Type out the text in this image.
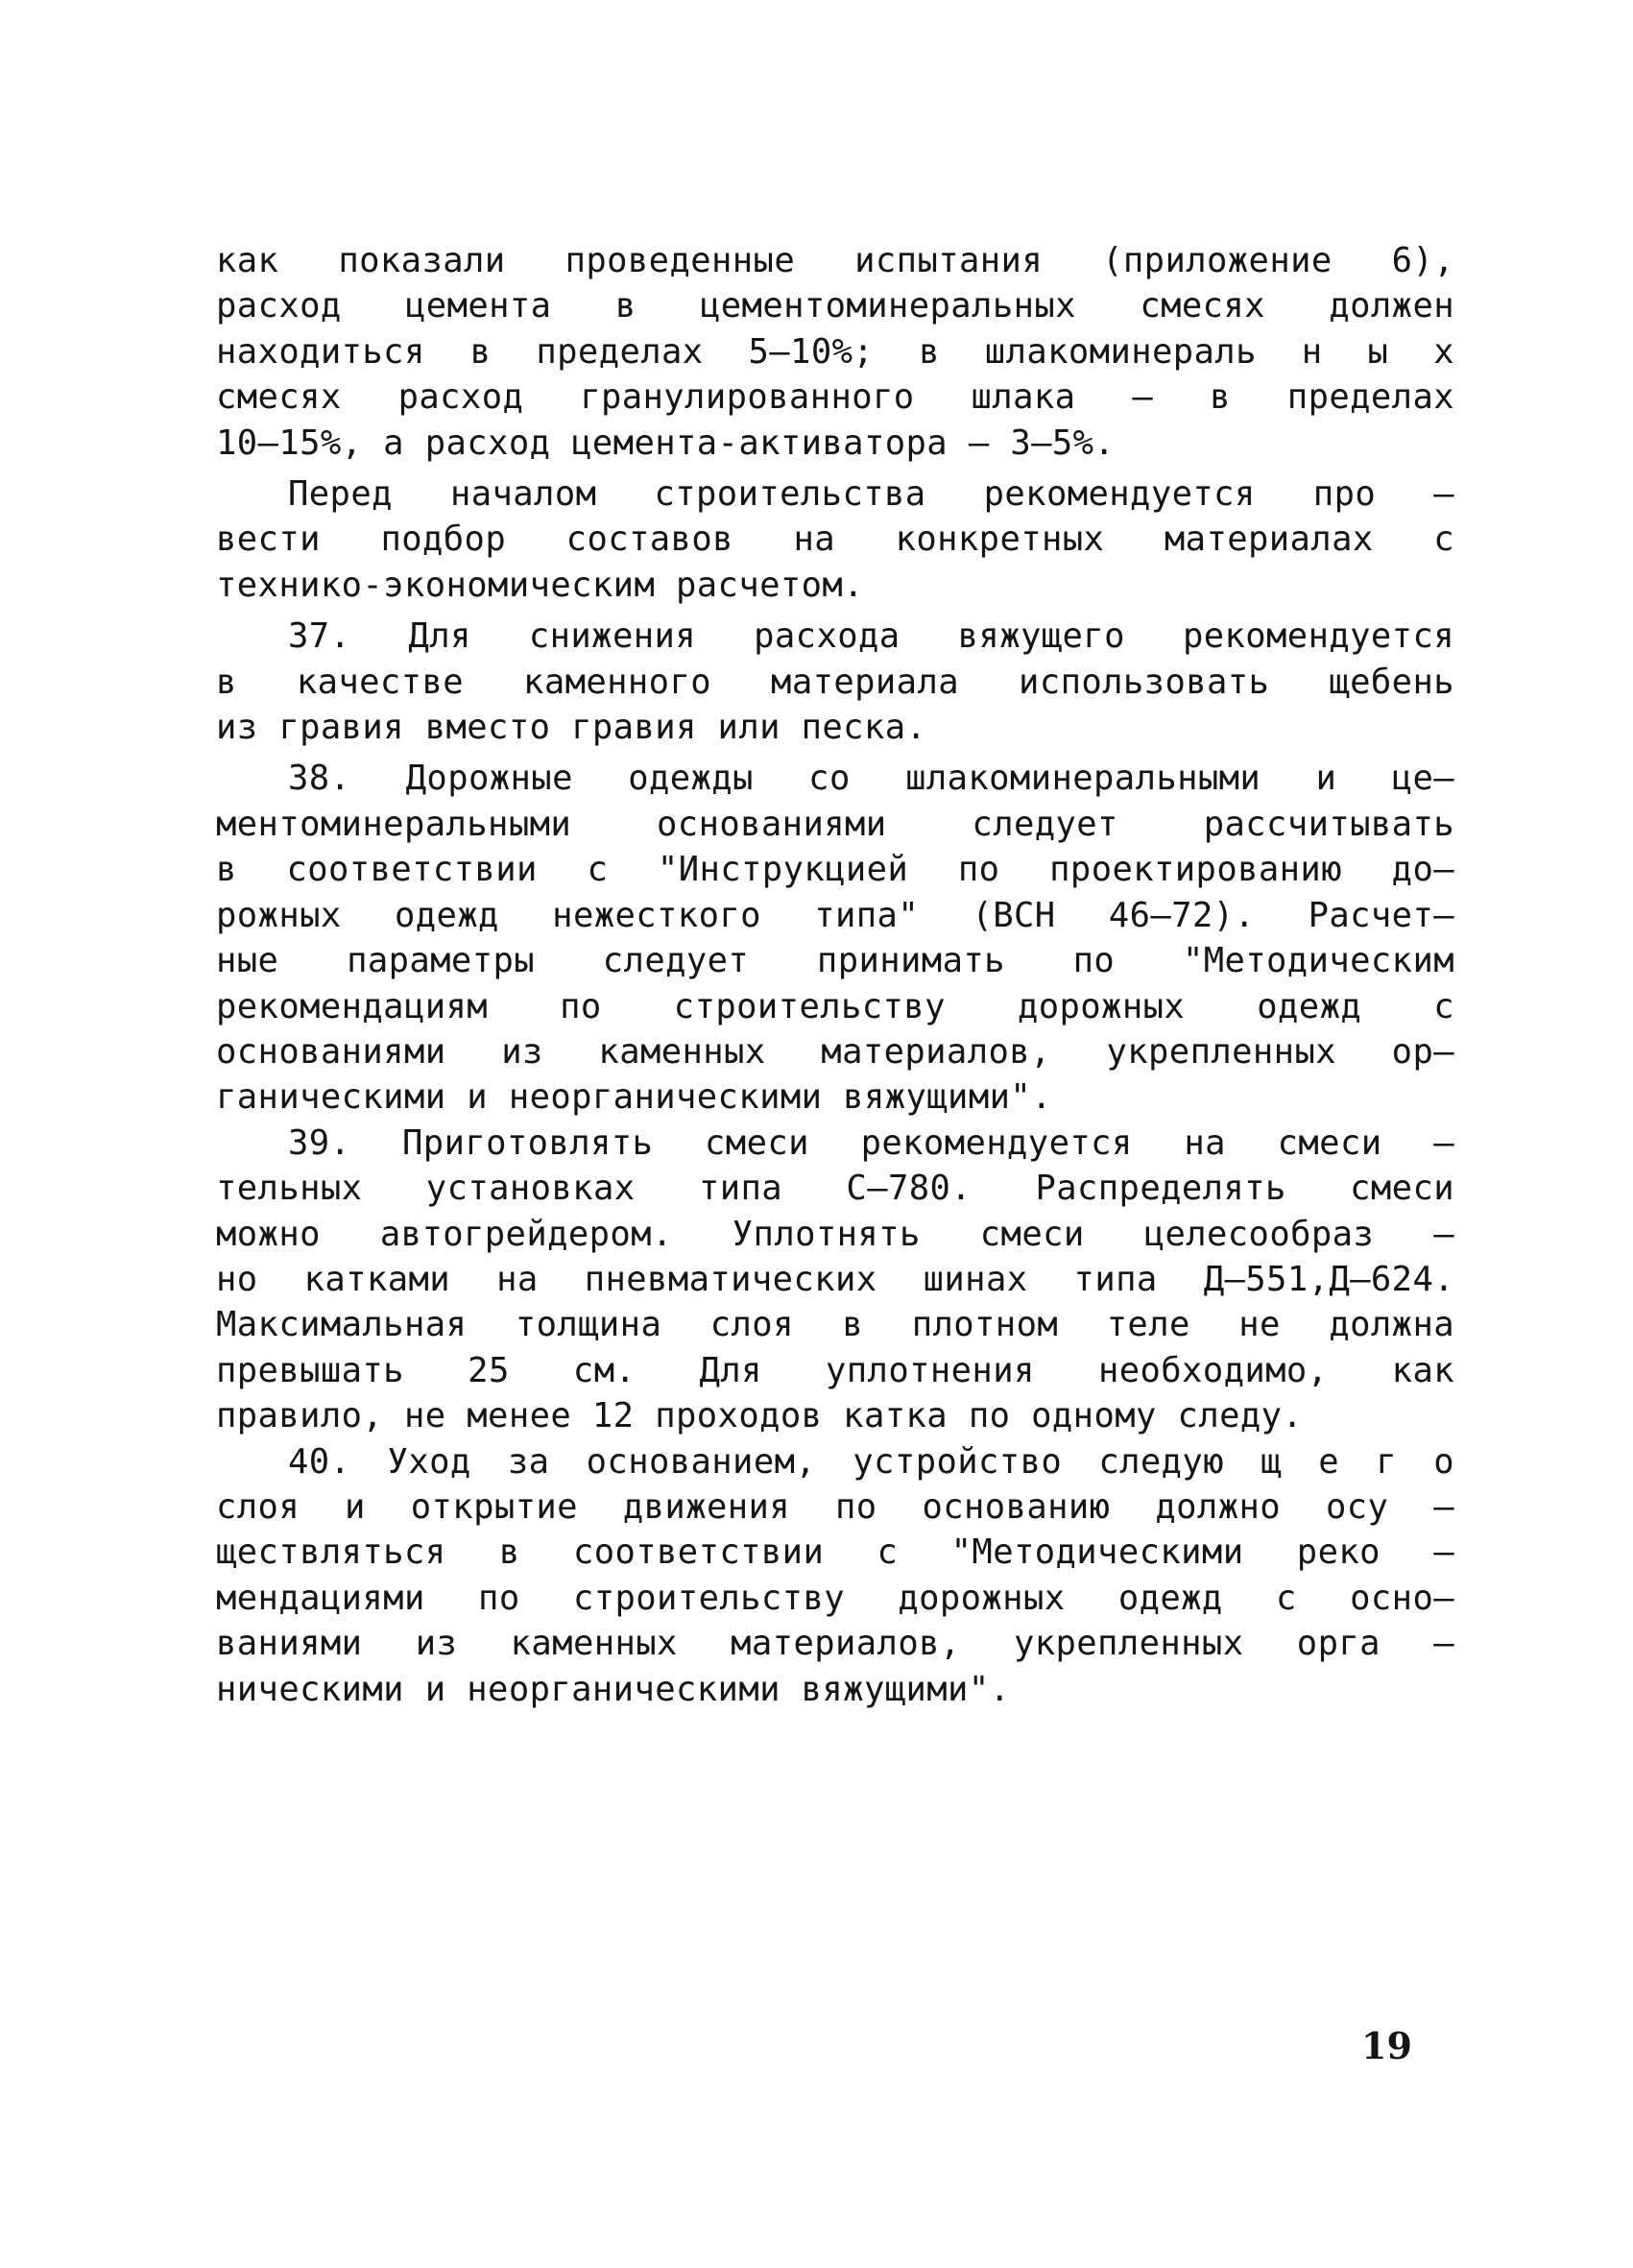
как показали проведенные испытания (приложение 6),
расход цемента в цементоминеральных смесях должен
находиться в пределах 5–10%; в шлакоминераль н ы х
смесях расход гранулированного шлака – в пределах
10–15%, а расход цемента-активатора – 3–5%.

Перед началом строительства рекомендуется про –
вести подбор составов на конкретных материалах с
технико-экономическим расчетом.

37. Для снижения расхода вяжущего рекомендуется
в качестве каменного материала использовать щебень
из гравия вместо гравия или песка.

38. Дорожные одежды со шлакоминеральными и це–
ментоминеральными основаниями следует рассчитывать
в соответствии с "Инструкцией по проектированию до–
рожных одежд нежесткого типа" (ВСН 46–72). Расчет–
ные параметры следует принимать по "Методическим
рекомендациям по строительству дорожных одежд с
основаниями из каменных материалов, укрепленных ор–
ганическими и неорганическими вяжущими".

39. Приготовлять смеси рекомендуется на смеси –
тельных установках типа С–780. Распределять смеси
можно автогрейдером. Уплотнять смеси целесообраз –
но катками на пневматических шинах типа Д–551,Д–624.
Максимальная толщина слоя в плотном теле не должна
превышать 25 см. Для уплотнения необходимо, как
правило, не менее 12 проходов катка по одному следу.

40. Уход за основанием, устройство следую щ е г о
слоя и открытие движения по основанию должно осу –
ществляться в соответствии с "Методическими реко –
мендациями по строительству дорожных одежд с осно–
ваниями из каменных материалов, укрепленных орга –
ническими и неорганическими вяжущими".

19
